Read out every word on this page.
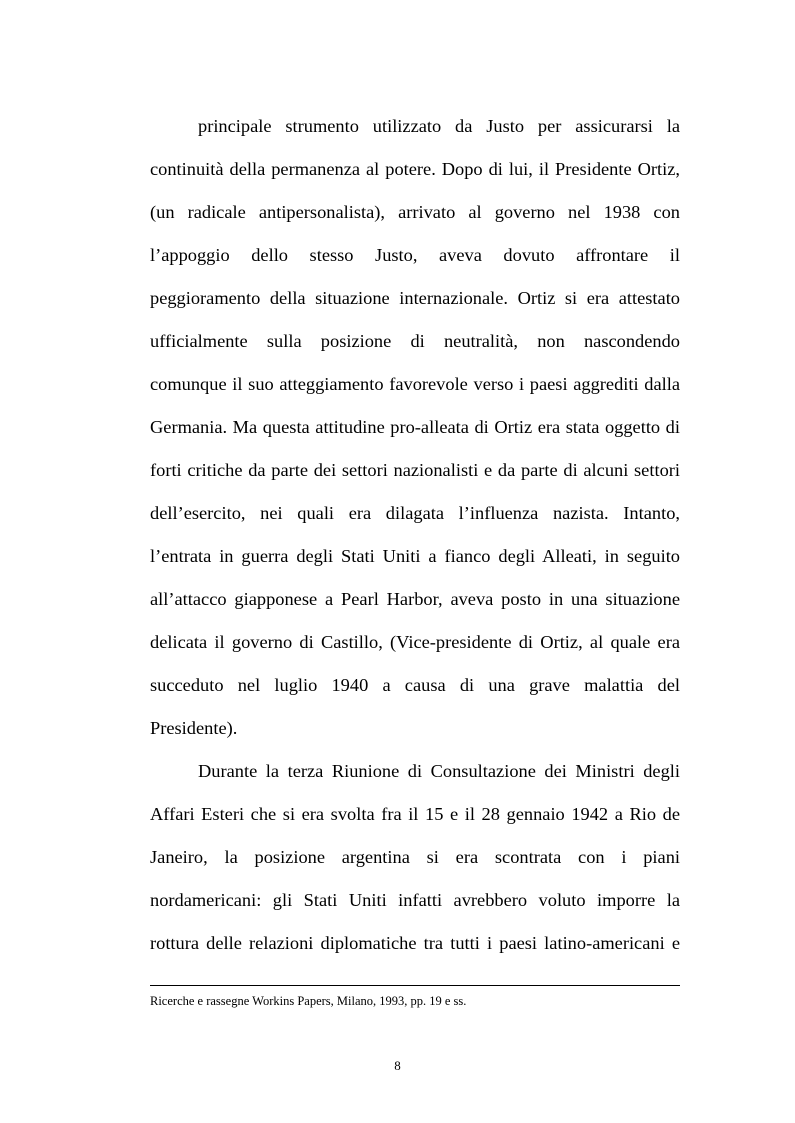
principale strumento utilizzato da Justo per assicurarsi la
continuità della permanenza al potere. Dopo di lui, il Presidente Ortiz,
(un radicale antipersonalista), arrivato al governo nel 1938 con
l’appoggio dello stesso Justo, aveva dovuto affrontare il
peggioramento della situazione internazionale. Ortiz si era attestato
ufficialmente sulla posizione di neutralità, non nascondendo
comunque il suo atteggiamento favorevole verso i paesi aggrediti dalla
Germania. Ma questa attitudine pro-alleata di Ortiz era stata oggetto di
forti critiche da parte dei settori nazionalisti e da parte di alcuni settori
dell’esercito, nei quali era dilagata l’influenza nazista. Intanto,
l’entrata in guerra degli Stati Uniti a fianco degli Alleati, in seguito
all’attacco giapponese a Pearl Harbor, aveva posto in una situazione
delicata il governo di Castillo, (Vice-presidente di Ortiz, al quale era
succeduto nel luglio 1940 a causa di una grave malattia del
Presidente).
Durante la terza Riunione di Consultazione dei Ministri degli
Affari Esteri che si era svolta fra il 15 e il 28 gennaio 1942 a Rio de
Janeiro, la posizione argentina si era scontrata con i piani
nordamericani: gli Stati Uniti infatti avrebbero voluto imporre la
rottura delle relazioni diplomatiche tra tutti i paesi latino-americani e
Ricerche e rassegne Workins Papers, Milano, 1993, pp. 19 e ss.
8
